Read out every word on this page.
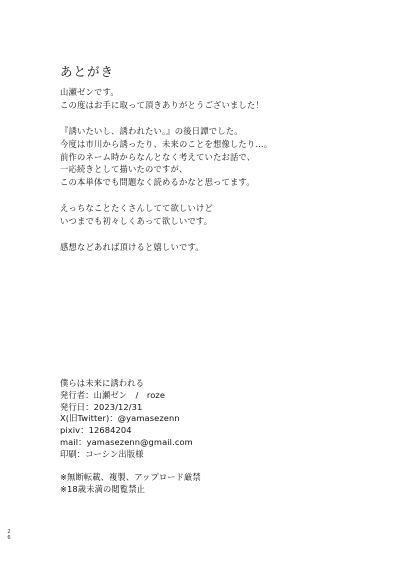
あとがき
山瀬ゼンです。
この度はお手に取って頂きありがとうございました！
『誘いたいし、誘われたい。』の後日譚でした。
今度は市川から誘ったり、未来のことを想像したり…。
前作のネーム時からなんとなく考えていたお話で、
一応続きとして描いたのですが、
この本単体でも問題なく読めるかなと思ってます。
えっちなことたくさんしてて欲しいけど
いつまでも初々しくあって欲しいです。
感想などあれば頂けると嬉しいです。
僕らは未来に誘われる
発行者：山瀬ゼン　/　roze
発行日：2023/12/31
X(旧Twitter)：@yamasezenn
pixiv：12684204
mail：yamasezenn@gmail.com
印刷：コーシン出版様
※無断転載、複製、アップロード厳禁
※18歳未満の閲覧禁止
2
6
